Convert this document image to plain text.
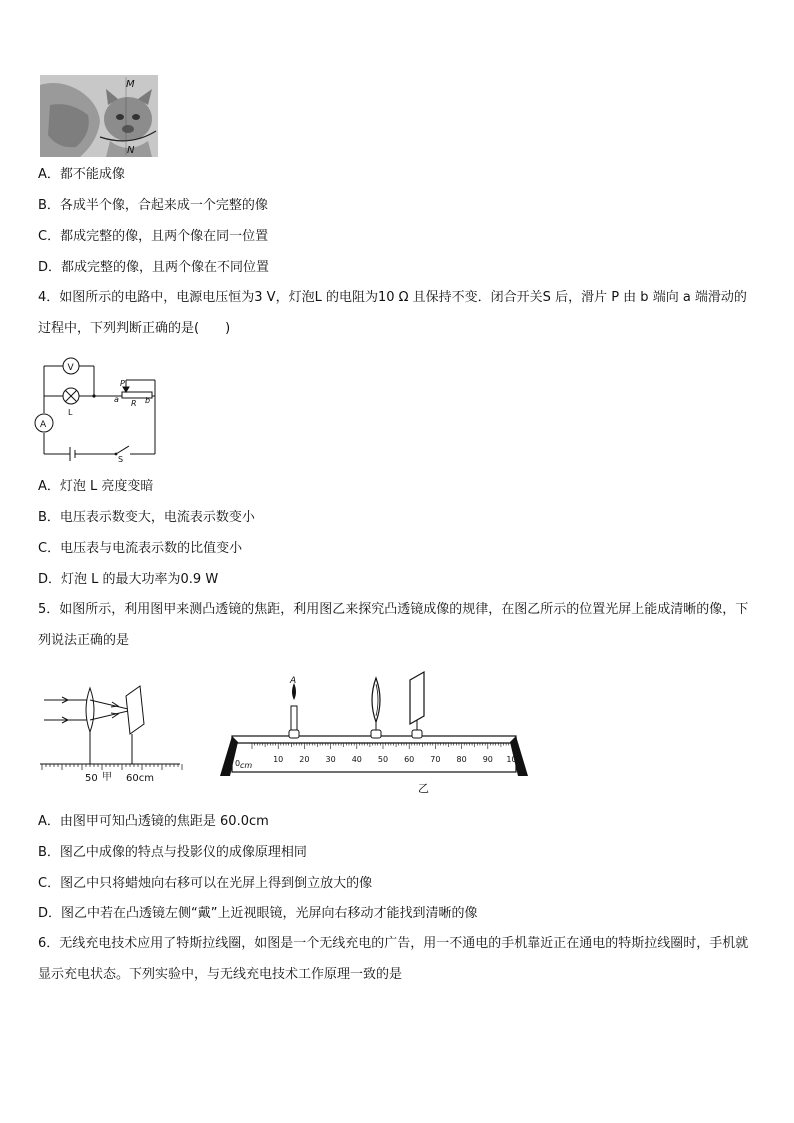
M
N
A．都不能成像
B．各成半个像，合起来成一个完整的像
C．都成完整的像，且两个像在同一位置
D．都成完整的像，且两个像在不同位置
4．如图所示的电路中，电源电压恒为3 V，灯泡L 的电阻为10 Ω 且保持不变．闭合开关S 后，滑片 P 由 b 端向 a 端滑动的过程中，下列判断正确的是(　　)
V
L
A
P
a R b
S
A．灯泡 L 亮度变暗
B．电压表示数变大，电流表示数变小
C．电压表与电流表示数的比值变小
D．灯泡 L 的最大功率为0.9 W
5．如图所示，利用图甲来测凸透镜的焦距，利用图乙来探究凸透镜成像的规律，在图乙所示的位置光屏上能成清晰的像，下列说法正确的是
50	60cm
甲
cm
0	10 20 30 40 50 60 70 80 90 100
A
乙
A．由图甲可知凸透镜的焦距是 60.0cm
B．图乙中成像的特点与投影仪的成像原理相同
C．图乙中只将蜡烛向右移可以在光屏上得到倒立放大的像
D．图乙中若在凸透镜左侧“戴”上近视眼镜，光屏向右移动才能找到清晰的像
6．无线充电技术应用了特斯拉线圈，如图是一个无线充电的广告，用一不通电的手机靠近正在通电的特斯拉线圈时，手机就显示充电状态。下列实验中，与无线充电技术工作原理一致的是
